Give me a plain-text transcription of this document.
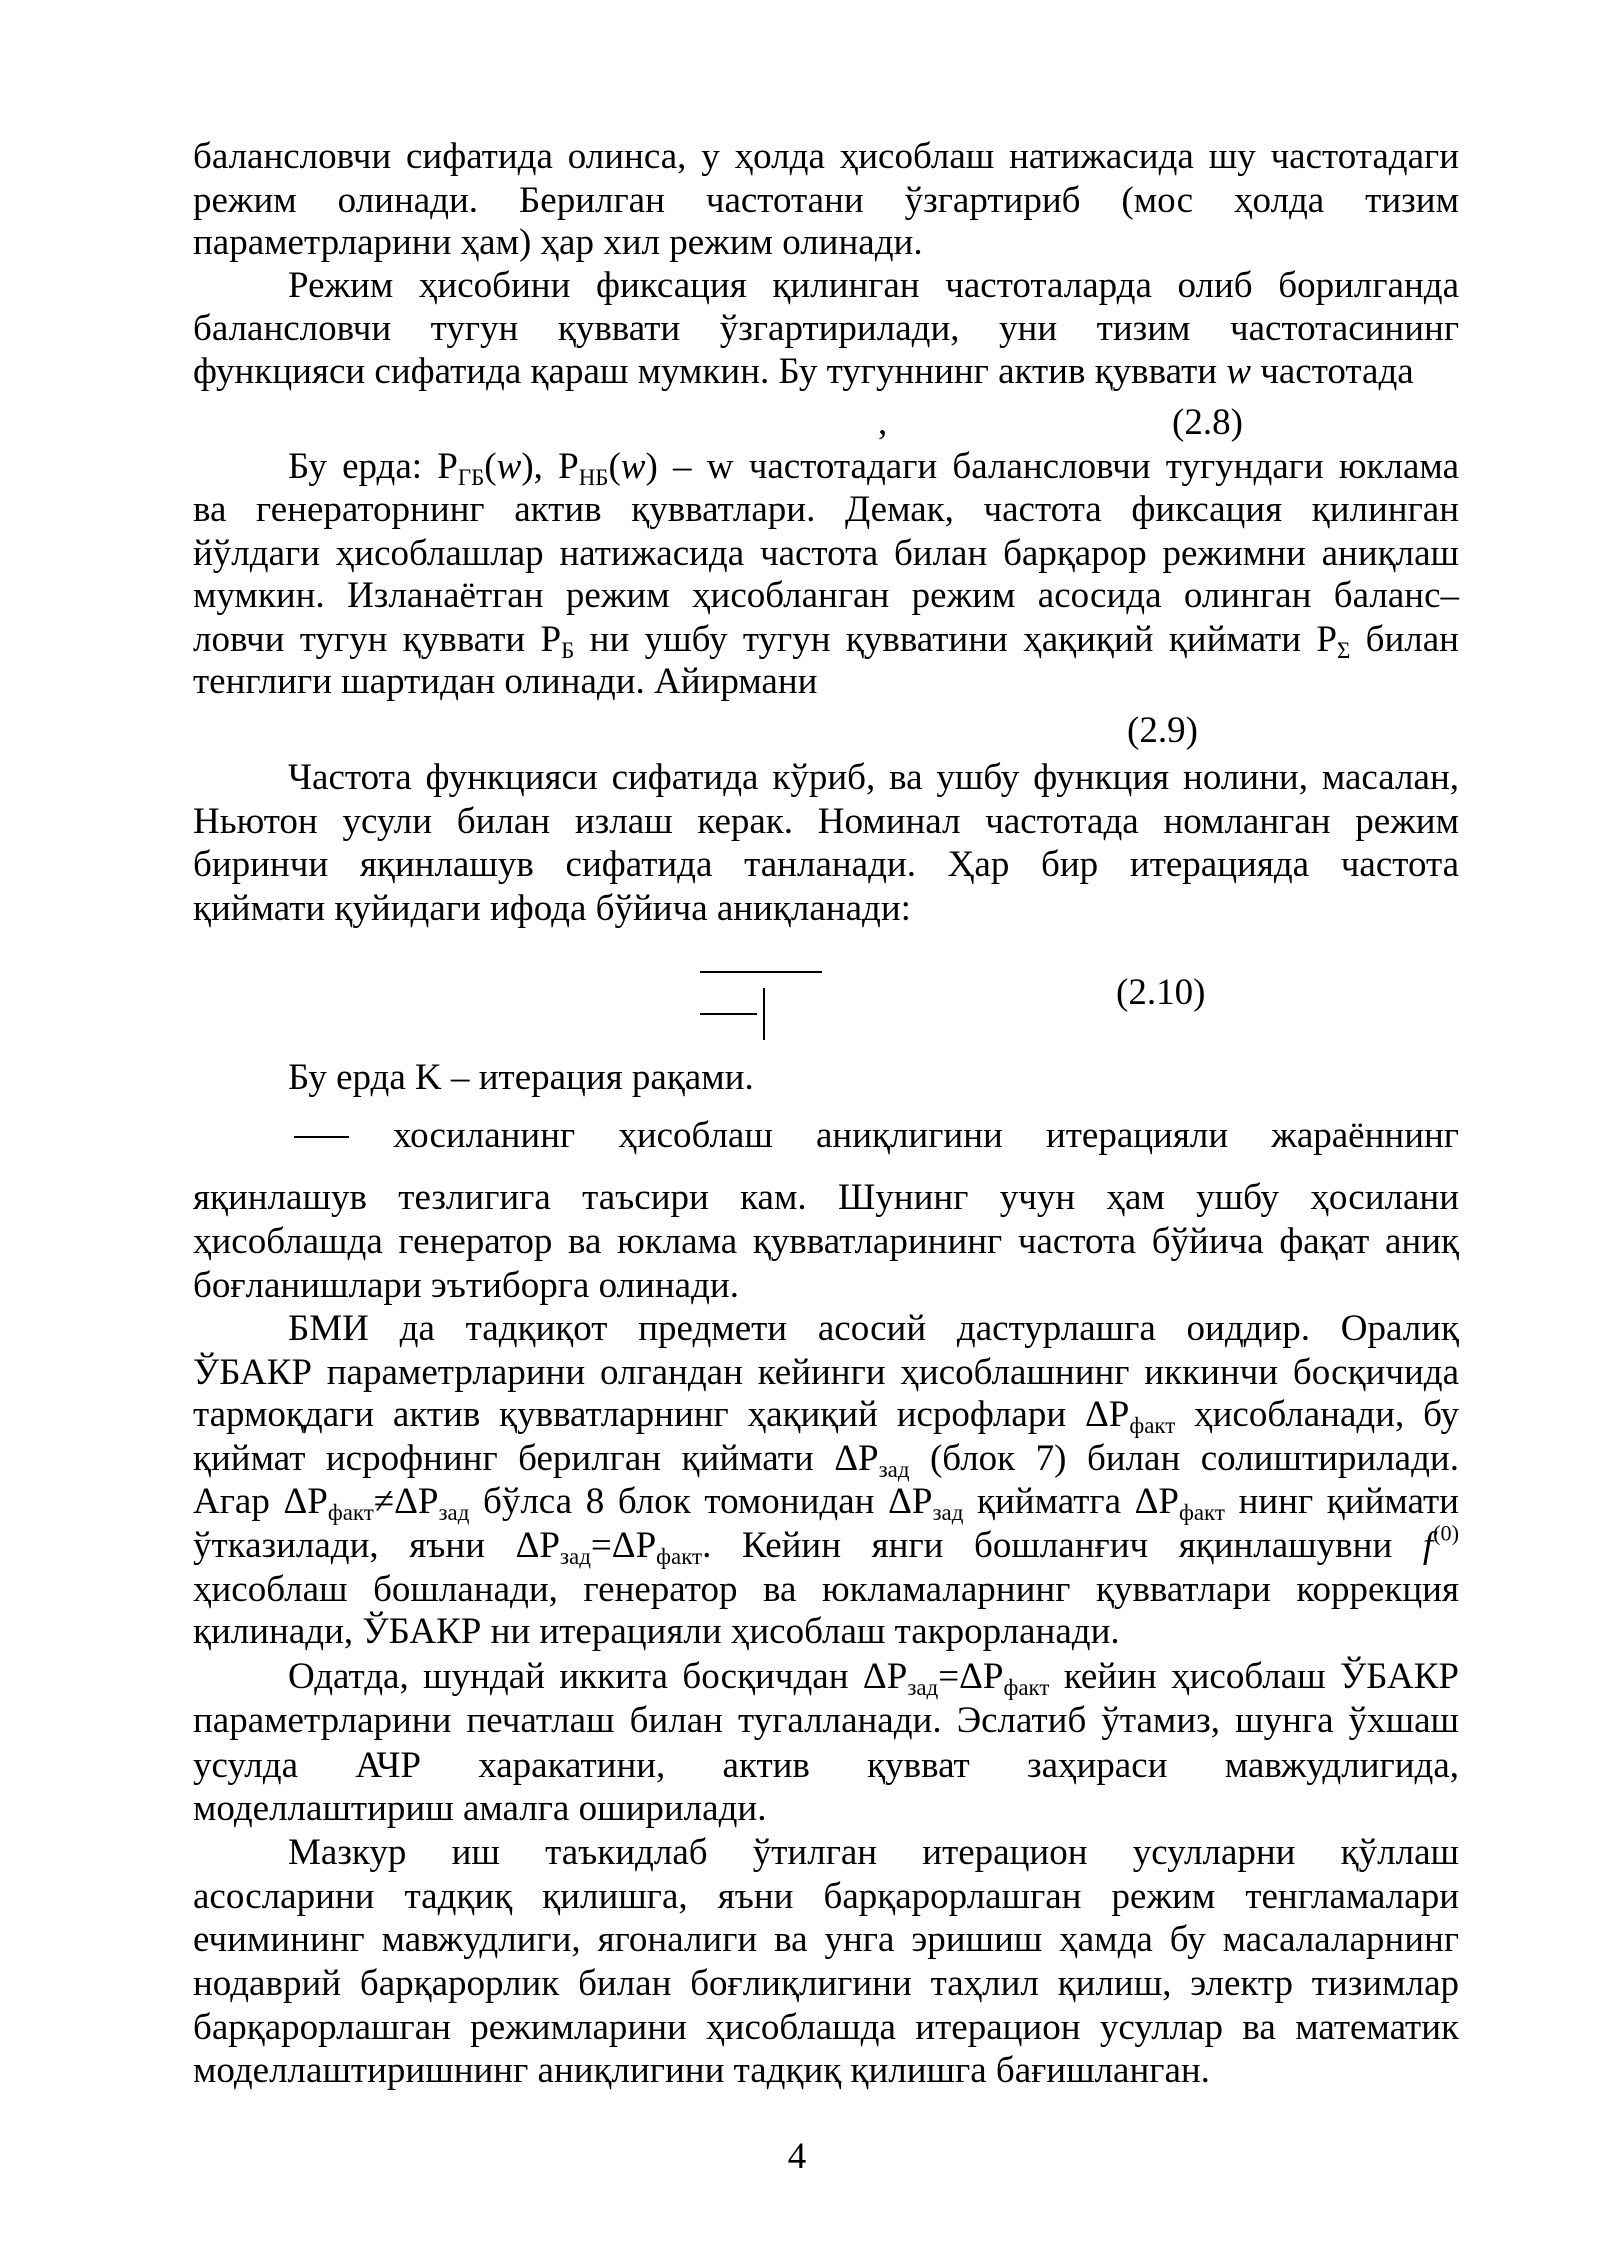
балансловчи сифатида олинса, у ҳолда ҳисоблаш натижасида шу частотадаги
режим олинади. Берилган частотани ўзгартириб (мос ҳолда тизим
параметрларини ҳам) ҳар хил режим олинади.
Режим ҳисобини фиксация қилинган частоталарда олиб борилганда
балансловчи тугун қуввати ўзгартирилади, уни тизим частотасининг
функцияси сифатида қараш мумкин. Бу тугуннинг актив қуввати w частотада
,	(2.8)
Бу ерда: $P_{ГБ}(w)$, $P_{НБ}(w)$ – w частотадаги балансловчи тугундаги юклама
ва генераторнинг актив қувватлари. Демак, частота фиксация қилинган
йўлдаги ҳисоблашлар натижасида частота билан барқарор режимни аниқлаш
мумкин. Изланаётган режим ҳисобланган режим асосида олинган баланс–
ловчи тугун қуввати $P_Б$ ни ушбу тугун қувватини ҳақиқий қиймати $P_\Sigma$ билан
тенглиги шартидан олинади. Айирмани
(2.9)
Частота функцияси сифатида кўриб, ва ушбу функция нолини, масалан,
Ньютон усули билан излаш керак. Номинал частотада номланган режим
биринчи яқинлашув сифатида танланади. Ҳар бир итерацияда частота
қиймати қуйидаги ифода бўйича аниқланади:
(2.10)
Бу ерда K – итерация рақами.
хосиланинг ҳисоблаш аниқлигини итерацияли жараённинг
яқинлашув тезлигига таъсири кам. Шунинг учун ҳам ушбу ҳосилани
ҳисоблашда генератор ва юклама қувватларининг частота бўйича фақат аниқ
боғланишлари эътиборга олинади.
БМИ да тадқиқот предмети асосий дастурлашга оиддир. Оралиқ
ЎБАКР параметрларини олгандан кейинги ҳисоблашнинг иккинчи босқичида
тармоқдаги актив қувватларнинг ҳақиқий исрофлари $\Delta P_{факт}$ ҳисобланади, бу
қиймат исрофнинг берилган қиймати $\Delta P_{зад}$ (блок 7) билан солиштирилади.
Агар $\Delta P_{факт}\ne\Delta P_{зад}$ бўлса 8 блок томонидан $\Delta P_{зад}$ қийматга $\Delta P_{факт}$ нинг қиймати
ўтказилади, яъни $\Delta P_{зад}=\Delta P_{факт}$. Кейин янги бошланғич яқинлашувни $f^{(0)}$
ҳисоблаш бошланади, генератор ва юкламаларнинг қувватлари коррекция
қилинади, ЎБАКР ни итерацияли ҳисоблаш такрорланади.
Одатда, шундай иккита босқичдан $\Delta P_{зад}=\Delta P_{факт}$ кейин ҳисоблаш ЎБАКР
параметрларини печатлаш билан тугалланади. Эслатиб ўтамиз, шунга ўхшаш
усулда АЧР харакатини, актив қувват заҳираси мавжудлигида,
моделлаштириш амалга оширилади.
Мазкур иш таъкидлаб ўтилган итерацион усулларни қўллаш
асосларини тадқиқ қилишга, яъни барқарорлашган режим тенгламалари
ечимининг мавжудлиги, ягоналиги ва унга эришиш ҳамда бу масалаларнинг
нодаврий барқарорлик билан боғлиқлигини таҳлил қилиш, электр тизимлар
барқарорлашган режимларини ҳисоблашда итерацион усуллар ва математик
моделлаштиришнинг аниқлигини тадқиқ қилишга бағишланган.
4
